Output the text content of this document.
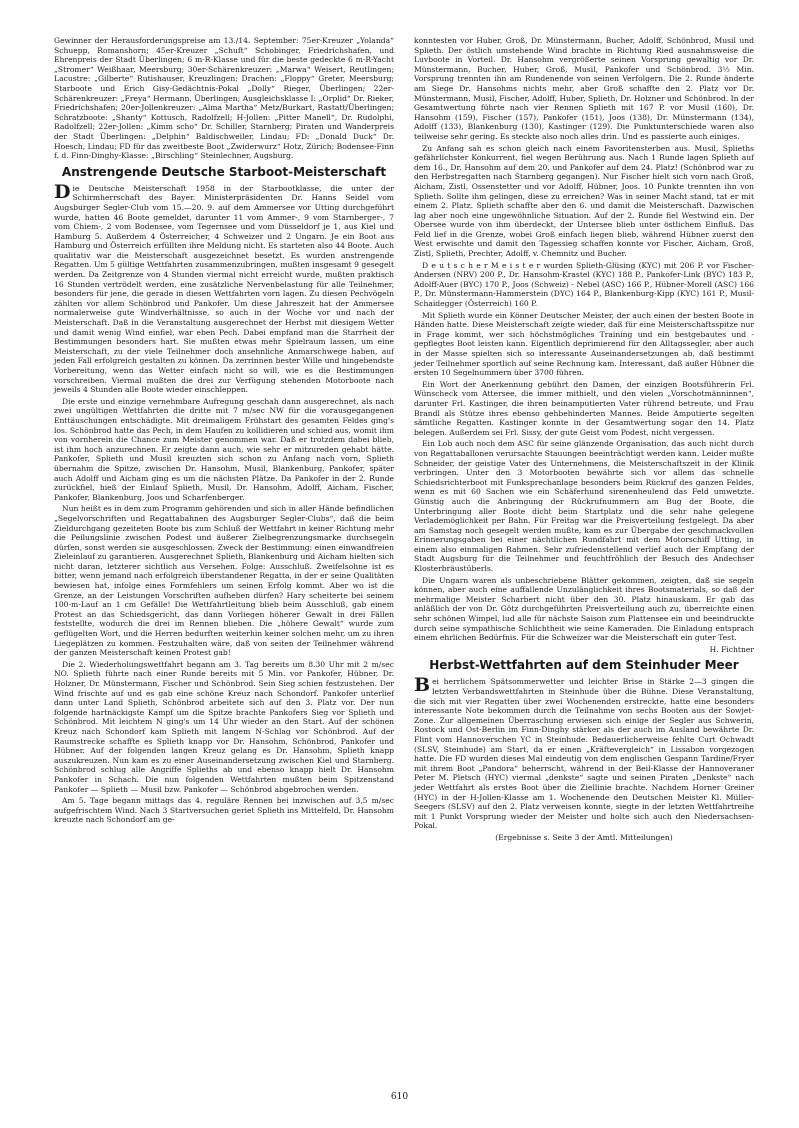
Gewinner der Herausforderungspreise am 13./14. September: 75er-Kreuzer „Yolanda“ Schuepp, Romanshorn; 45er-Kreuzer „Schuft“ Schobinger, Friedrichshafen, und Ehrenpreis der Stadt Überlingen; 6 m-R-Klasse und für die beste gedeckte 6 m-R-Yacht „Stromer“ Weißhaar, Meersburg; 30er-Schärenkreuzer: „Marwa“ Weisert, Reutlingen; Lacustre: „Gilberte“ Rutishauser, Kreuzlingen; Drachen: „Floppy“ Greter, Meersburg; Starboote und Erich Gisy-Gedächtnis-Pokal „Dolly“ Rieger, Überlingen; 22er-Schärenkreuzer: „Freya“ Hermann, Überlingen; Ausgleichsklasse I: „Orplid“ Dr. Rieker, Friedrichshafen; 20er-Jollenkreuzer: „Alma Martha“ Metz/Burkart, Rastatt/Überlingen; Schratzboote: „Shanty“ Kottusch, Radolfzell; H-Jollen: „Pitter Manell“, Dr. Rudolphi, Radolfzell; 22er-Jollen: „Kimm scho“ Dr. Schiller, Starnberg; Piraten und Wanderpreis der Stadt Überlingen: „Delphin“ Baldischweiler, Lindau; FD: „Donald Duck“ Dr. Hoesch, Lindau; FD für das zweitbeste Boot „Zwiderwurz“ Hotz, Zürich; Bodensee-Finn f. d. Finn-Dinghy-Klasse: „Birschling“ Steinlechner, Augsburg.

Anstrengende Deutsche Starboot-Meisterschaft

Die Deutsche Meisterschaft 1958 in der Starbootklasse, die unter der Schirmherrschaft des Bayer. Ministerpräsidenten Dr. Hanns Seidel vom Augsburger Segler-Club vom 15.—20. 9. auf dem Ammersee vor Utting durchgeführt wurde, hatten 46 Boote gemeldet, darunter 11 vom Ammer-, 9 vom Starnberger-, 7 vom Chiem-, 2 vom Bodensee, vom Tegernsee und vom Düsseldorf je 1, aus Kiel und Hamburg 5. Außerdem 4 Österreicher, 4 Schweizer und 2 Ungarn. Je ein Boot aus Hamburg und Österreich erfüllten ihre Meldung nicht. Es starteten also 44 Boote. Auch qualitativ war die Meisterschaft ausgezeichnet besetzt. Es wurden anstrengende Regatten. Um 5 gültige Wettfahrten zusammenzubringen, mußten insgesamt 9 gesegelt werden. Da Zeitgrenze von 4 Stunden viermal nicht erreicht wurde, mußten praktisch 16 Stunden vertrödelt werden, eine zusätzliche Nervenbelastung für alle Teilnehmer, besonders für jene, die gerade in diesen Wettfahrten vorn lagen. Zu diesen Pechvögeln zählten vor allem Schönbrod und Pankofer. Um diese Jahreszeit hat der Ammersee normalerweise gute Windverhältnisse, so auch in der Woche vor und nach der Meisterschaft. Daß in die Veranstaltung ausgerechnet der Herbst mit diesigem Wetter und damit wenig Wind einfiel, war eben Pech. Dabei empfand man die Starrheit der Bestimmungen besonders hart. Sie mußten etwas mehr Spielraum lassen, um eine Meisterschaft, zu der viele Teilnehmer doch ansehnliche Anmarschwege haben, auf jeden Fall erfolgreich gestalten zu können. Da zerrinnen bester Wille und hingebendste Vorbereitung, wenn das Wetter einfach nicht so will, wie es die Bestimmungen vorschreiben. Viermal mußten die drei zur Verfügung stehenden Motorboote nach jeweils 4 Stunden alle Boote wieder einschleppen.

Die erste und einzige vernehmbare Aufregung geschah dann ausgerechnet, als nach zwei ungültigen Wettfahrten die dritte mit 7 m/sec NW für die vorausgegangenen Enttäuschungen entschädigte. Mit dreimaligem Frühstart des gesamten Feldes ging's los. Schönbrod hatte das Pech, in dem Haufen zu kollidieren und schied aus, womit ihm von vornherein die Chance zum Meister genommen war. Daß er trotzdem dabei blieb, ist ihm hoch anzurechnen. Er zeigte dann auch, wie sehr er mitzureden gehabt hätte. Pankofer, Splieth und Musil kreuzten sich schon zu Anfang nach vorn, Splieth übernahm die Spitze, zwischen Dr. Hansohm, Musil, Blankenburg, Pankofer, später auch Adolff und Aicham ging es um die nächsten Plätze. Da Pankofer in der 2. Runde zurückfiel, hieß der Einlauf Splieth, Musil, Dr. Hansohm, Adolff, Aicham, Fischer, Pankofer, Blankenburg, Joos und Scharfenberger.

Nun heißt es in dem zum Programm gehörenden und sich in aller Hände befindlichen „Segelvorschriften und Regattabahnen des Augsburger Segler-Clubs“, daß die beim Zieldurchgang gezeiteten Boote bis zum Schluß der Wettfahrt in keiner Richtung mehr die Peilungslinie zwischen Podest und äußerer Zielbegrenzungsmarke durchsegeln dürfen, sonst werden sie ausgeschlossen. Zweck der Bestimmung: einen einwandfreien Zieleinlauf zu garantieren. Ausgerechnet Splieth, Blankenburg und Aicham hielten sich nicht daran, letzterer sichtlich aus Versehen. Folge: Ausschluß. Zweifelsohne ist es bitter, wenn jemand nach erfolgreich überstandener Regatta, in der er seine Qualitäten bewiesen hat, infolge eines Formfehlers um seinen Erfolg kommt. Aber wo ist die Grenze, an der Leistungen Vorschriften aufheben dürfen? Hary scheiterte bei seinem 100-m-Lauf an 1 cm Gefälle! Die Wettfahrtleitung blieb beim Ausschluß, gab einem Protest an das Schiedsgericht, das dann Vorliegen höherer Gewalt in drei Fällen feststellte, wodurch die drei im Rennen blieben. Die „höhere Gewalt“ wurde zum geflügelten Wort, und die Herren bedurften weiterhin keiner solchen mehr, um zu ihren Liegeplätzen zu kommen. Festzuhalten wäre, daß von seiten der Teilnehmer während der ganzen Meisterschaft keinen Protest gab!

Die 2. Wiederholungswettfahrt begann am 3. Tag bereits um 8.30 Uhr mit 2 m/sec NO. Splieth führte nach einer Runde bereits mit 5 Min. vor Pankofer, Hübner, Dr. Holzner, Dr. Münstermann, Fischer und Schönbrod. Sein Sieg schien festzustehen. Der Wind frischte auf und es gab eine schöne Kreuz nach Schondorf. Pankofer unterlief dann unter Land Splieth, Schönbrod arbeitete sich auf den 3. Platz vor. Der nun folgende hartnäckigste Kampf um die Spitze brachte Pankofers Sieg vor Splieth und Schönbrod. Mit leichtem N ging's um 14 Uhr wieder an den Start. Auf der schönen Kreuz nach Schondorf kam Splieth mit langem N-Schlag vor Schönbrod. Auf der Raumstrecke schaffte es Splieth knapp vor Dr. Hansohm, Schönbrod, Pankofer und Hübner. Auf der folgenden langen Kreuz gelang es Dr. Hansohm, Splieth knapp auszukreuzen. Nun kam es zu einer Auseinandersetzung zwischen Kiel und Starnberg. Schönbrod schlug alle Angriffe Splieths ab und ebenso knapp hielt Dr. Hansohm Pankofer in Schach. Die nun folgenden Wettfahrten mußten beim Spitzenstand Pankofer — Splieth — Musil bzw. Pankofer — Schönbrod abgebrochen werden.

Am 5. Tage begann mittags das 4. reguläre Rennen bei inzwischen auf 3,5 m/sec aufgefrischtem Wind. Nach 3 Startversuchen geriet Splieth ins Mittelfeld, Dr. Hansohm kreuzte nach Schondorf am ge-

konntesten vor Huber, Groß, Dr. Münstermann, Bucher, Adolff, Schönbrod, Musil und Splieth. Der östlich umstehende Wind brachte in Richtung Ried ausnahmsweise die Luvboote in Vorteil. Dr. Hansohm vergrößerte seinen Vorsprung gewaltig vor Dr. Münstermann, Bucher, Huber, Groß, Musil, Pankofer und Schönbrod. 3½ Min. Vorsprung trennten ihn am Rundenende von seinen Verfolgern. Die 2. Runde änderte am Siege Dr. Hansohms nichts mehr, aber Groß schaffte den 2. Platz vor Dr. Münstermann, Musil, Fischer, Adolff, Huber, Splieth, Dr. Holzner und Schönbrod. In der Gesamtwertung führte nach vier Rennen Splieth mit 167 P. vor Musil (160), Dr. Hansohm (159), Fischer (157), Pankofer (151), Joos (138), Dr. Münstermann (134), Adolff (133), Blankenburg (130), Kastinger (129). Die Punktunterschiede waren also teilweise sehr gering. Es steckte also noch alles drin. Und es passierte auch einiges.

Zu Anfang sah es schon gleich nach einem Favoritensterben aus. Musil, Splieths gefährlichster Konkurrent, fiel wegen Berührung aus. Nach 1 Runde lagen Splieth auf dem 16., Dr. Hansohm auf dem 20. und Pankofer auf dem 24. Platz! (Schönbrod war zu den Herbstregatten nach Starnberg gegangen). Nur Fischer hielt sich vorn nach Groß, Aicham, Zistl, Ossenstetter und vor Adolff, Hübner, Joos. 10 Punkte trennten ihn von Splieth. Sollte ihm gelingen, diese zu erreichen? Was in seiner Macht stand, tat er mit einem 2. Platz. Splieth schaffte aber den 6. und damit die Meisterschaft. Dazwischen lag aber noch eine ungewöhnliche Situation. Auf der 2. Runde fiel Westwind ein. Der Obersee wurde von ihm überdeckt, der Untersee blieb unter östlichem Einfluß. Das Feld lief in die Grenze, wobei Groß einfach liegen blieb, während Hübner zuerst den West erwischte und damit den Tagessieg schaffen konnte vor Fischer, Aicham, Groß, Zistl, Splieth, Prechter, Adolff, v. Chemnitz und Bucher.

D e u t s c h e r M e i s t e r wurden Splieth-Glüsing (KYC) mit 206 P. vor Fischer-Andersen (NRV) 200 P., Dr. Hansohm-Krastel (KYC) 188 P., Pankofer-Link (BYC) 183 P., Adolff-Auer (BYC) 170 P., Joos (Schweiz) - Nebel (ASC) 166 P., Hübner-Morell (ASC) 166 P., Dr. Münstermann-Hammerstein (DYC) 164 P., Blankenburg-Kipp (KYC) 161 P., Musil-Schaidegger (Österreich) 160 P.

Mit Splieth wurde ein Könner Deutscher Meister, der auch einen der besten Boote in Händen hatte. Diese Meisterschaft zeigte wieder, daß für eine Meisterschaftsspitze nur in Frage kommt, wer sich höchstmögliches Training und ein bestgebautes und -gepflegtes Boot leisten kann. Eigentlich deprimierend für den Alltagssegler, aber auch in der Masse spielten sich so interessante Auseinandersetzungen ab, daß bestimmt jeder Teilnehmer sportlich auf seine Rechnung kam. Interessant, daß außer Hübner die ersten 10 Segelnummern über 3700 führen.

Ein Wort der Anerkennung gebührt den Damen, der einzigen Bootsführerin Frl. Wünscheck vom Attersee, die immer mithielt, und den vielen „Vorschotmänninnen“, darunter Frl. Kastinger, die ihren beinamputierten Vater rührend betreute, und Frau Brandl als Stütze ihres ebenso gehbehinderten Mannes. Beide Amputierte segelten sämtliche Regatten. Kastinger konnte in der Gesamtwertung sogar den 14. Platz belegen. Außerdem sei Frl. Sissy, der gute Geist vom Podest, nicht vergessen.

Ein Lob auch noch dem ASC für seine glänzende Organisation, das auch nicht durch von Regattaballonen verursachte Stauungen beeinträchtigt werden kann. Leider mußte Schneider, der geistige Vater des Unternehmens, die Meisterschaftszeit in der Klinik verbringen. Unter den 3 Motorbooten bewährte sich vor allem das schnelle Schiedsrichterboot mit Funksprechanlage besonders beim Rückruf des ganzen Feldes, wenn es mit 60 Sachen wie ein Schäferhund sirenenheulend das Feld umwetzte. Günstig auch die Anbringung der Rückrufnummern am Bug der Boote, die Unterbringung aller Boote dicht beim Startplatz und die sehr nahe gelegene Verlademöglichkeit per Bahn. Für Freitag war die Preisverteilung festgelegt. Da aber am Samstag noch gesegelt werden mußte, kam es zur Übergabe der geschmackvollen Erinnerungsgaben bei einer nächtlichen Rundfahrt mit dem Motorschiff Utting, in einem also einmaligen Rahmen. Sehr zufriedenstellend verlief auch der Empfang der Stadt Augsburg für die Teilnehmer und feuchtfröhlich der Besuch des Andechser Klosterbräustüberls.

Die Ungarn waren als unbeschriebene Blätter gekommen, zeigten, daß sie segeln können, aber auch eine auffallende Unzulänglichkeit ihres Bootsmaterials, so daß der mehrmalige Meister Scharbert nicht über den 30. Platz hinauskam. Er gab das anläßlich der von Dr. Götz durchgeführten Preisverteilung auch zu, überreichte einen sehr schönen Wimpel, lud alle für nächste Saison zum Plattensee ein und beeindruckte durch seine sympathische Schlichtheit wie seine Kameraden. Die Einladung entsprach einem ehrlichen Bedürfnis. Für die Schweizer war die Meisterschaft ein guter Test.

H. Fichtner
Herbst-Wettfahrten auf dem Steinhuder Meer

Bei herrlichem Spätsommerwetter und leichter Brise in Stärke 2—3 gingen die letzten Verbandswettfahrten in Steinhude über die Bühne. Diese Veranstaltung, die sich mit vier Regatten über zwei Wochenenden erstreckte, hatte eine besonders interessante Note bekommen durch die Teilnahme von sechs Booten aus der Sowjet-Zone. Zur allgemeinen Überraschung erwiesen sich einige der Segler aus Schwerin, Rostock und Ost-Berlin im Finn-Dinghy stärker als der auch im Ausland bewährte Dr. Flint vom Hannoverschen YC in Steinhude. Bedauerlicherweise fehlte Curt Ochwadt (SLSV, Steinhude) am Start, da er einen „Kräftevergleich“ in Lissabon vorgezogen hatte. Die FD wurden dieses Mal eindeutig von dem englischen Gespann Tardine/Fryer mit ihrem Boot „Pandora“ beherrscht, während in der Beil-Klasse der Hannoveraner Peter M. Pletsch (HYC) viermal „denkste“ sagte und seinen Piraten „Denkste“ nach jeder Wettfahrt als erstes Boot über die Ziellinie brachte. Nachdem Horner Greiner (HYC) in der H-Jollen-Klasse am 1. Wochenende den Deutschen Meister Kl. Müller-Seegers (SLSV) auf den 2. Platz verweisen konnte, siegte in der letzten Wettfahrtreihe mit 1 Punkt Vorsprung wieder der Meister und holte sich auch den Niedersachsen-Pokal.

(Ergebnisse s. Seite 3 der Amtl. Mitteilungen)

610
